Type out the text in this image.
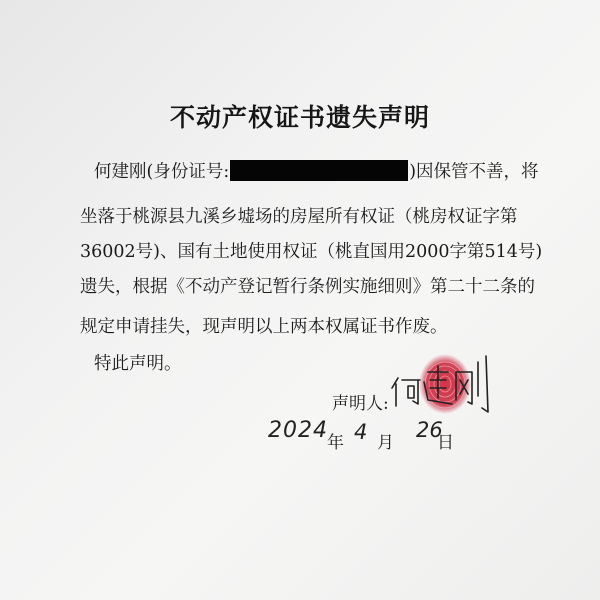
不动产权证书遗失声明
何建刚(身份证号:	)因保管不善，将
坐落于桃源县九溪乡墟场的房屋所有权证（桃房权证字第
36002号)、国有土地使用权证（桃直国用2000字第514号)
遗失，根据《不动产登记暂行条例实施细则》第二十二条的
规定申请挂失，现声明以上两本权属证书作废。
特此声明。
声明人:
2024 年 4 月
26
日
